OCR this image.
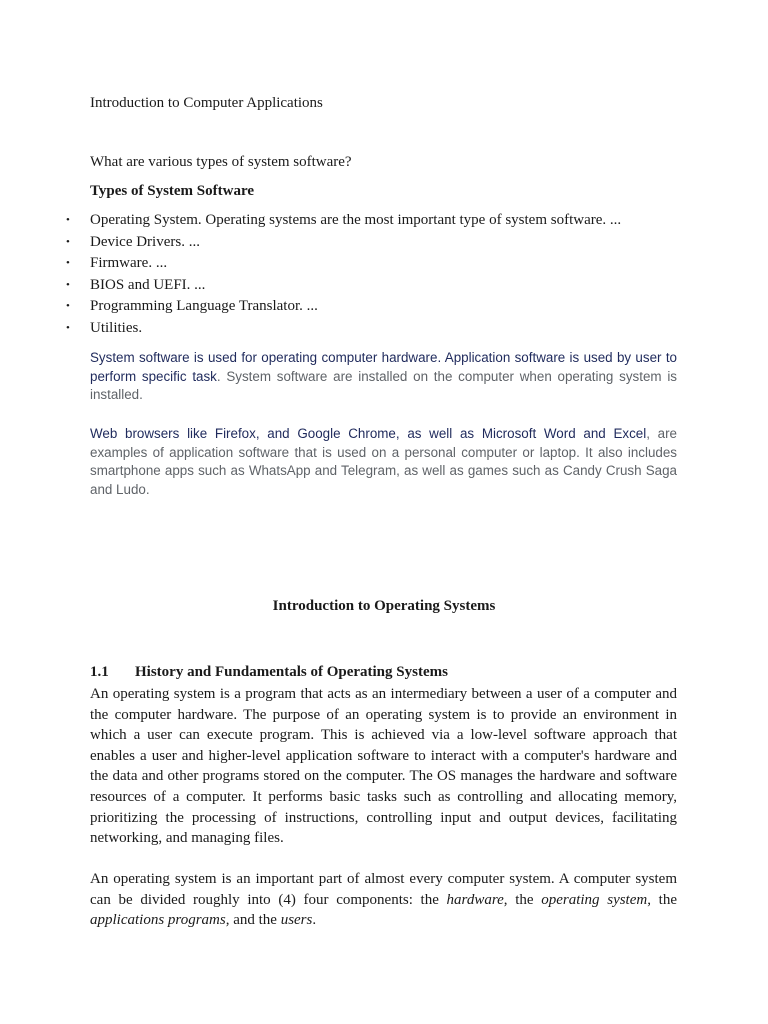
Introduction to Computer Applications

What are various types of system software?

Types of System Software

• Operating System. Operating systems are the most important type of system software. ...
• Device Drivers. ...
• Firmware. ...
• BIOS and UEFI. ...
• Programming Language Translator. ...
• Utilities.

System software is used for operating computer hardware. Application software is used by user to perform specific task. System software are installed on the computer when operating system is installed.

Web browsers like Firefox, and Google Chrome, as well as Microsoft Word and Excel, are examples of application software that is used on a personal computer or laptop. It also includes smartphone apps such as WhatsApp and Telegram, as well as games such as Candy Crush Saga and Ludo.

Introduction to Operating Systems

1.1 History and Fundamentals of Operating Systems

An operating system is a program that acts as an intermediary between a user of a computer and the computer hardware. The purpose of an operating system is to provide an environment in which a user can execute program. This is achieved via a low-level software approach that enables a user and higher-level application software to interact with a computer's hardware and the data and other programs stored on the computer. The OS manages the hardware and software resources of a computer. It performs basic tasks such as controlling and allocating memory, prioritizing the processing of instructions, controlling input and output devices, facilitating networking, and managing files.

An operating system is an important part of almost every computer system. A computer system can be divided roughly into (4) four components: the hardware, the operating system, the applications programs, and the users.
